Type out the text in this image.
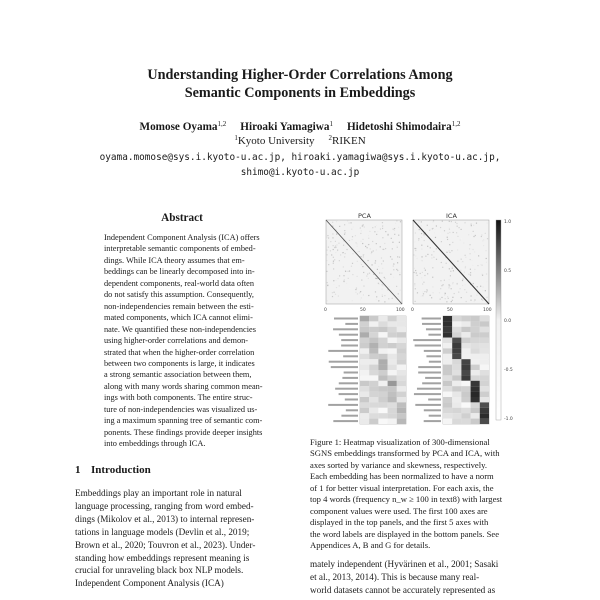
Understanding Higher-Order Correlations Among
Semantic Components in Embeddings
Momose Oyama$^{1,2}$ Hiroaki Yamagiwa$^1$ Hidetoshi Shimodaira$^{1,2}$
$^1$Kyoto University $^2$RIKEN
oyama.momose@sys.i.kyoto-u.ac.jp, hiroaki.yamagiwa@sys.i.kyoto-u.ac.jp,
shimo@i.kyoto-u.ac.jp
Abstract
Independent Component Analysis (ICA) offers
interpretable semantic components of embed-
dings. While ICA theory assumes that em-
beddings can be linearly decomposed into in-
dependent components, real-world data often
do not satisfy this assumption. Consequently,
non-independencies remain between the esti-
mated components, which ICA cannot elimi-
nate. We quantified these non-independencies
using higher-order correlations and demon-
strated that when the higher-order correlation
between two components is large, it indicates
a strong semantic association between them,
along with many words sharing common mean-
ings with both components. The entire struc-
ture of non-independencies was visualized us-
ing a maximum spanning tree of semantic com-
ponents. These findings provide deeper insights
into embeddings through ICA.
1 Introduction
Embeddings play an important role in natural
language processing, ranging from word embed-
dings (Mikolov et al., 2013) to internal represen-
tations in language models (Devlin et al., 2019;
Brown et al., 2020; Touvron et al., 2023). Under-
standing how embeddings represent meaning is
crucial for unraveling black box NLP models.
Independent Component Analysis (ICA)
PCA	ICA
0	50	100 0	50	100
1.0
0.5
0.0
-0.5
-1.0
Figure 1: Heatmap visualization of 300-dimensional
SGNS embeddings transformed by PCA and ICA, with
axes sorted by variance and skewness, respectively.
Each embedding has been normalized to have a norm
of 1 for better visual interpretation. For each axis, the
top 4 words (frequency n_w ≥ 100 in text8) with largest
component values were used. The first 100 axes are
displayed in the top panels, and the first 5 axes with
the word labels are displayed in the bottom panels. See
Appendices A, B and G for details.
mately independent (Hyvärinen et al., 2001; Sasaki
et al., 2013, 2014). This is because many real-
world datasets cannot be accurately represented as
